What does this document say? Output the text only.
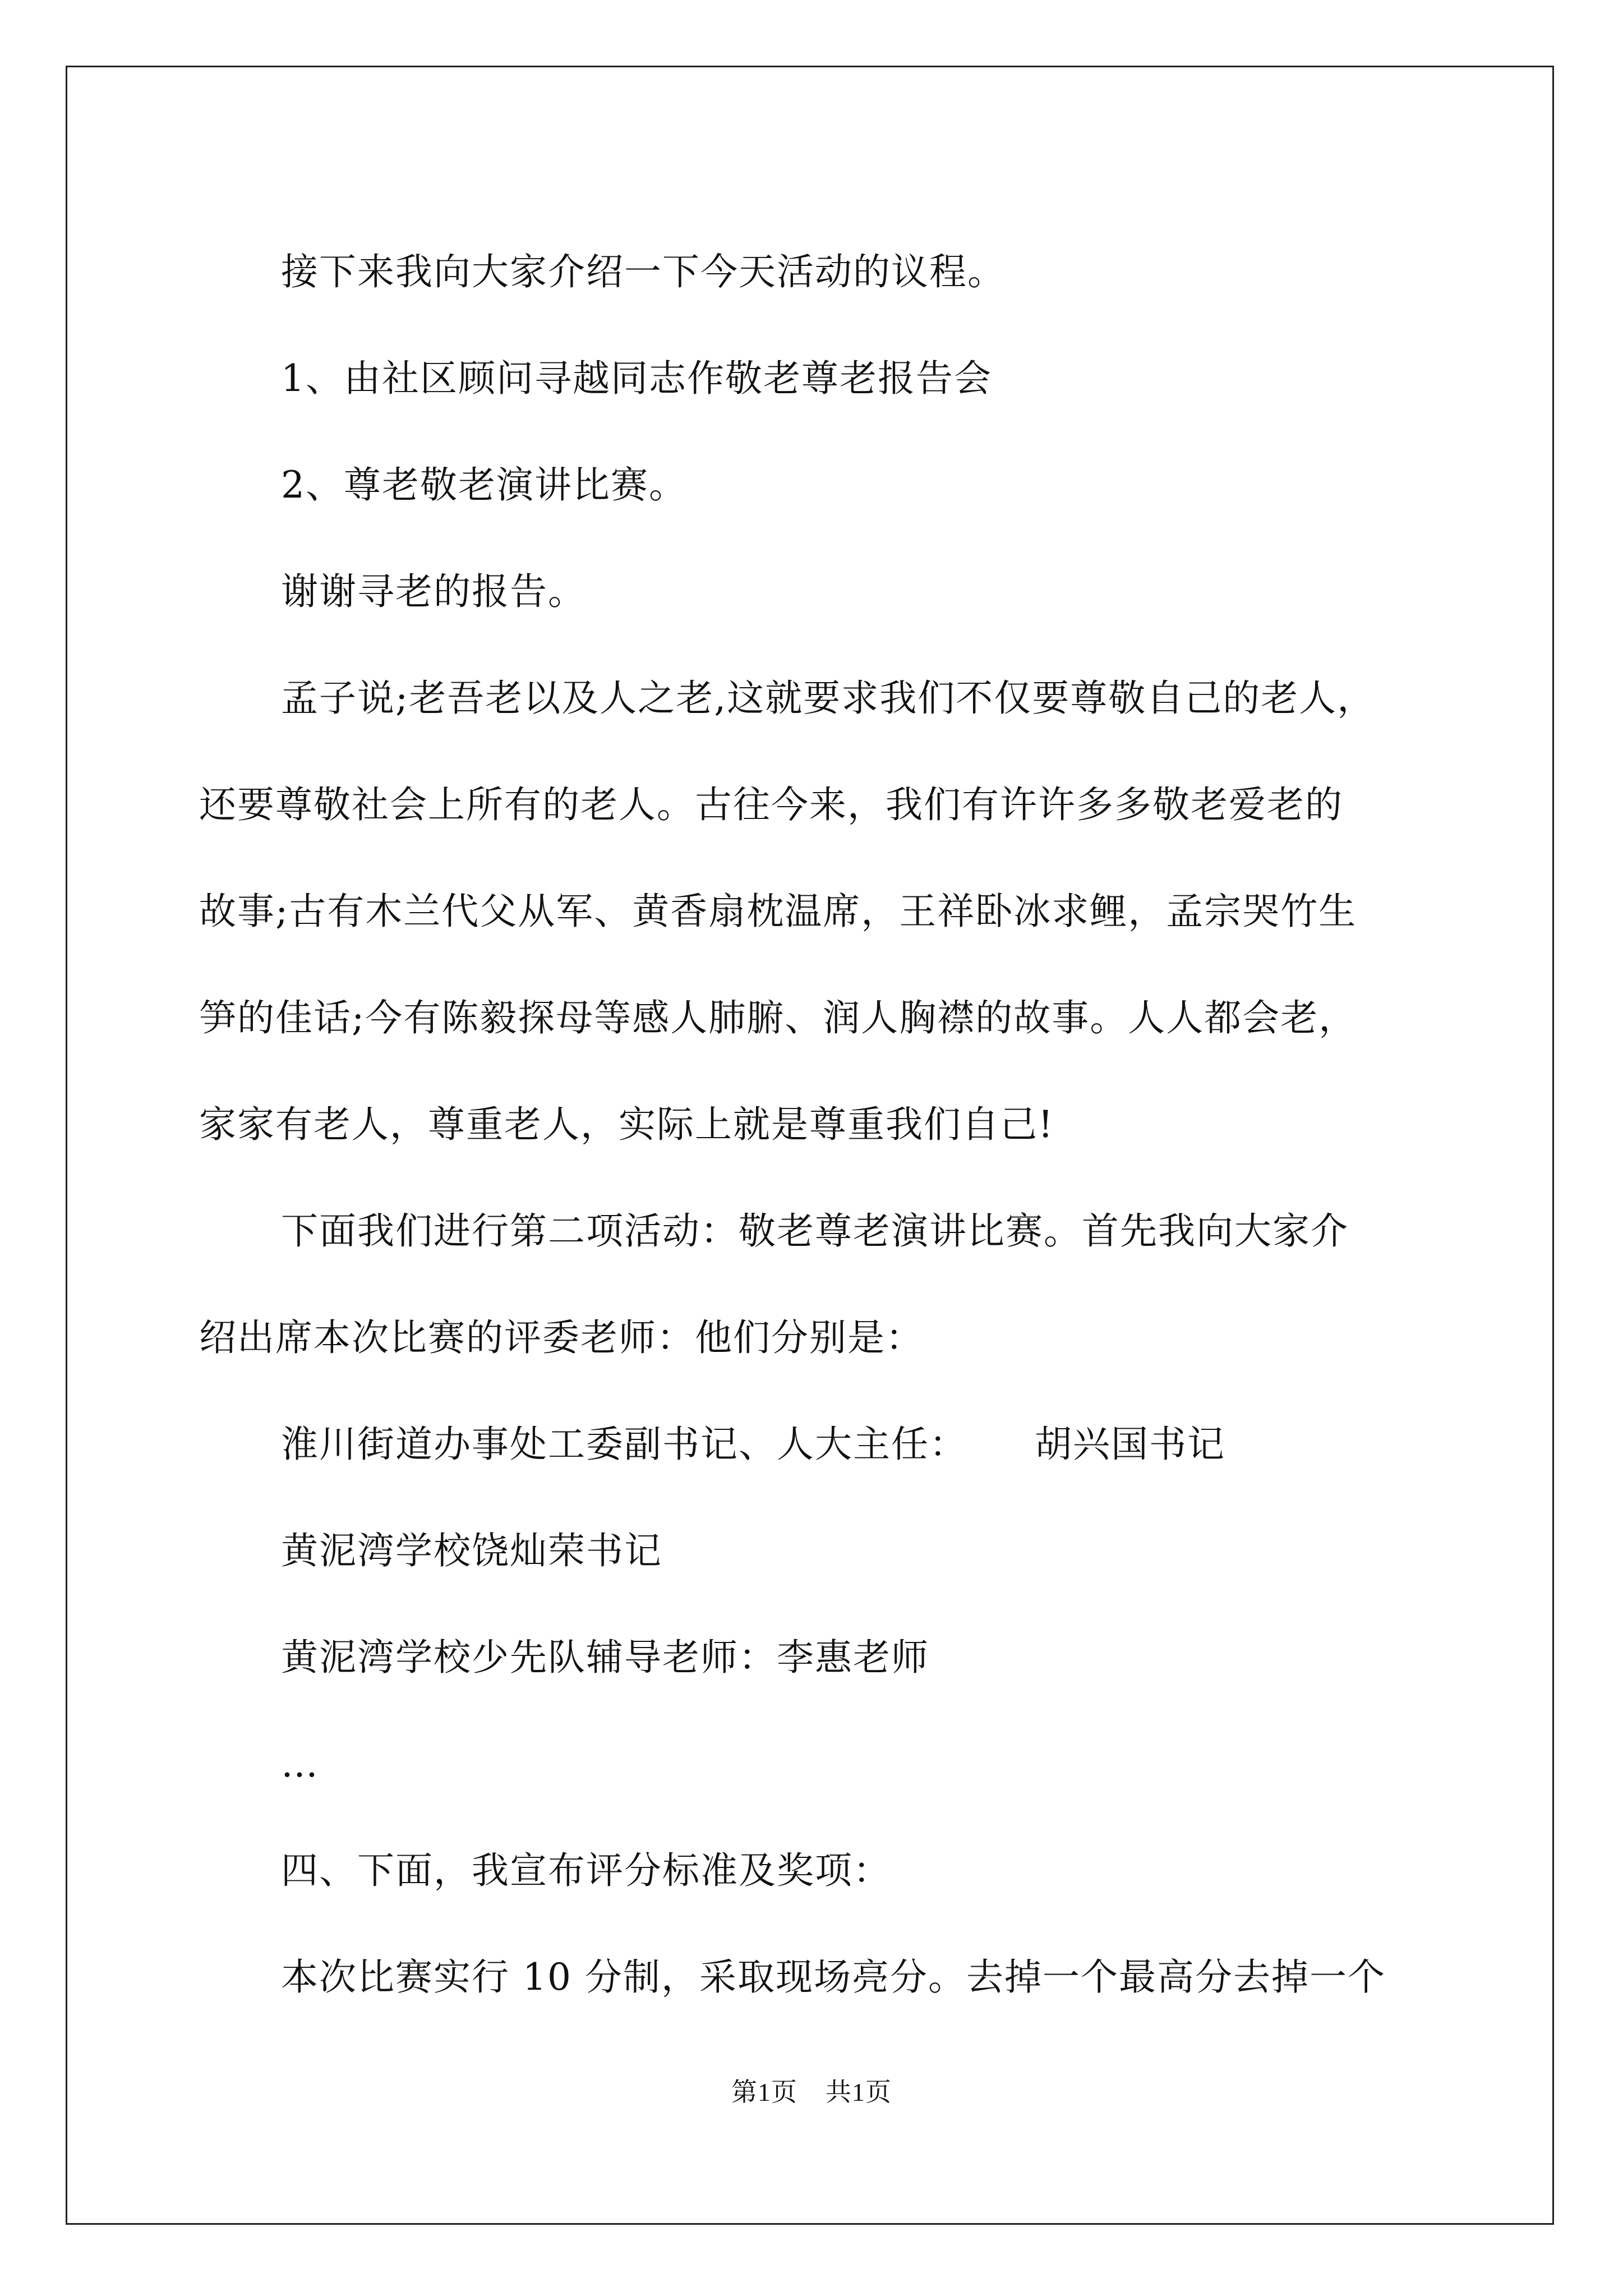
接下来我向大家介绍一下今天活动的议程。

1、由社区顾问寻越同志作敬老尊老报告会

2、尊老敬老演讲比赛。

谢谢寻老的报告。

孟子说;老吾老以及人之老,这就要求我们不仅要尊敬自己的老人，

还要尊敬社会上所有的老人。古往今来，我们有许许多多敬老爱老的

故事;古有木兰代父从军、黄香扇枕温席，王祥卧冰求鲤，孟宗哭竹生

笋的佳话;今有陈毅探母等感人肺腑、润人胸襟的故事。人人都会老，

家家有老人，尊重老人，实际上就是尊重我们自己!

下面我们进行第二项活动：敬老尊老演讲比赛。首先我向大家介

绍出席本次比赛的评委老师：他们分别是：

淮川街道办事处工委副书记、人大主任： 胡兴国书记

黄泥湾学校饶灿荣书记

黄泥湾学校少先队辅导老师：李惠老师

…

四、下面，我宣布评分标准及奖项：

本次比赛实行 10 分制，采取现场亮分。去掉一个最高分去掉一个

第1页 共1页
